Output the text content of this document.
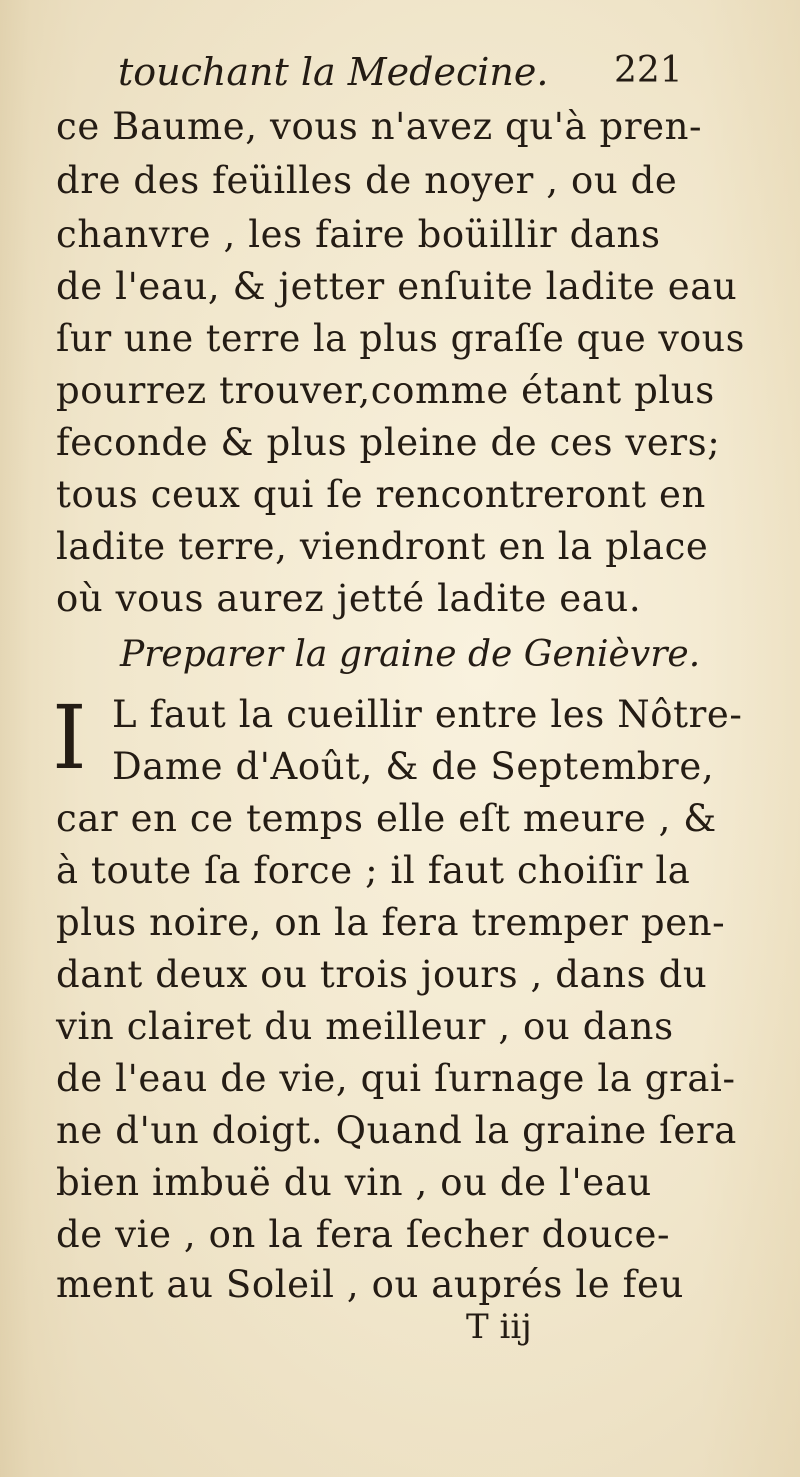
touchant la Medecine. 221
ce Baume, vous n'avez qu'à pren-
dre des feüilles de noyer , ou de
chanvre , les faire boüillir dans
de l'eau, & jetter enſuite ladite eau
ſur une terre la plus graſſe que vous
pourrez trouver,comme étant plus
feconde & plus pleine de ces vers;
tous ceux qui ſe rencontreront en
ladite terre, viendront en la place
où vous aurez jetté ladite eau.
Preparer la graine de Genièvre.
I L faut la cueillir entre les Nôtre-
Dame d'Août, & de Septembre,
car en ce temps elle eſt meure , &
à toute ſa force ; il faut choiſir la
plus noire, on la fera tremper pen-
dant deux ou trois jours , dans du
vin clairet du meilleur , ou dans
de l'eau de vie, qui ſurnage la grai-
ne d'un doigt. Quand la graine ſera
bien imbuë du vin , ou de l'eau
de vie , on la fera ſecher douce-
ment au Soleil , ou auprés le feu
T iij
